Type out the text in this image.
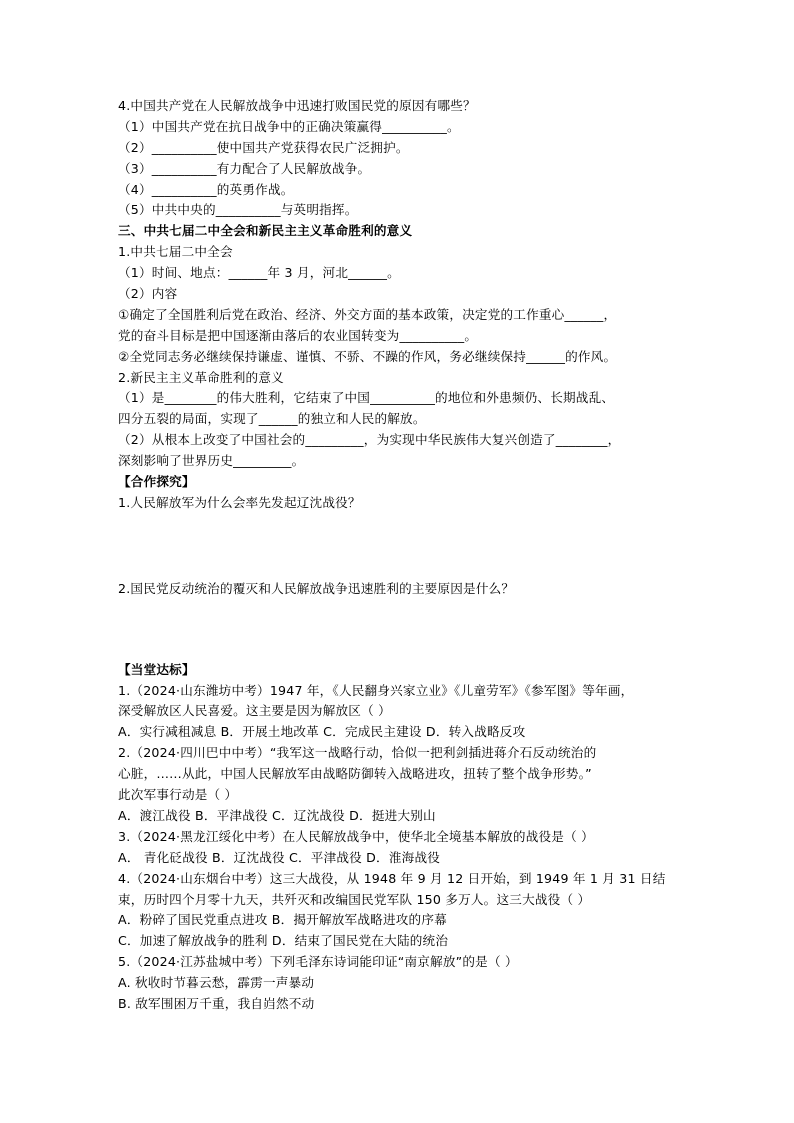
4.中国共产党在人民解放战争中迅速打败国民党的原因有哪些？
（1）中国共产党在抗日战争中的正确决策赢得__________。
（2）__________使中国共产党获得农民广泛拥护。
（3）__________有力配合了人民解放战争。
（4）__________的英勇作战。
（5）中共中央的__________与英明指挥。
三、中共七届二中全会和新民主主义革命胜利的意义
1.中共七届二中全会
（1）时间、地点：______年 3 月，河北______。
（2）内容
①确定了全国胜利后党在政治、经济、外交方面的基本政策，决定党的工作重心______，
党的奋斗目标是把中国逐渐由落后的农业国转变为__________。
②全党同志务必继续保持谦虚、谨慎、不骄、不躁的作风，务必继续保持______的作风。
2.新民主主义革命胜利的意义
（1）是________的伟大胜利，它结束了中国__________的地位和外患频仍、长期战乱、
四分五裂的局面，实现了______的独立和人民的解放。
（2）从根本上改变了中国社会的_________，为实现中华民族伟大复兴创造了________，
深刻影响了世界历史_________。
【合作探究】
1.人民解放军为什么会率先发起辽沈战役？
2.国民党反动统治的覆灭和人民解放战争迅速胜利的主要原因是什么？
【当堂达标】
1.（2024·山东潍坊中考）1947 年，《人民翻身兴家立业》《儿童劳军》《参军图》等年画，
深受解放区人民喜爱。这主要是因为解放区（ ）
A．实行减租减息 B．开展土地改革 C．完成民主建设 D．转入战略反攻
2.（2024·四川巴中中考）“我军这一战略行动，恰似一把利剑插进蒋介石反动统治的
心脏，……从此，中国人民解放军由战略防御转入战略进攻，扭转了整个战争形势。”
此次军事行动是（ ）
A．渡江战役 B．平津战役 C．辽沈战役 D．挺进大别山
3.（2024·黑龙江绥化中考）在人民解放战争中，使华北全境基本解放的战役是（ ）
A． 青化砭战役 B．辽沈战役 C．平津战役 D．淮海战役
4.（2024·山东烟台中考）这三大战役，从 1948 年 9 月 12 日开始，到 1949 年 1 月 31 日结
束，历时四个月零十九天，共歼灭和改编国民党军队 150 多万人。这三大战役（ ）
A．粉碎了国民党重点进攻 B．揭开解放军战略进攻的序幕
C．加速了解放战争的胜利 D．结束了国民党在大陆的统治
5.（2024·江苏盐城中考）下列毛泽东诗词能印证“南京解放”的是（ ）
A. 秋收时节暮云愁，霹雳一声暴动
B. 敌军围困万千重，我自岿然不动
